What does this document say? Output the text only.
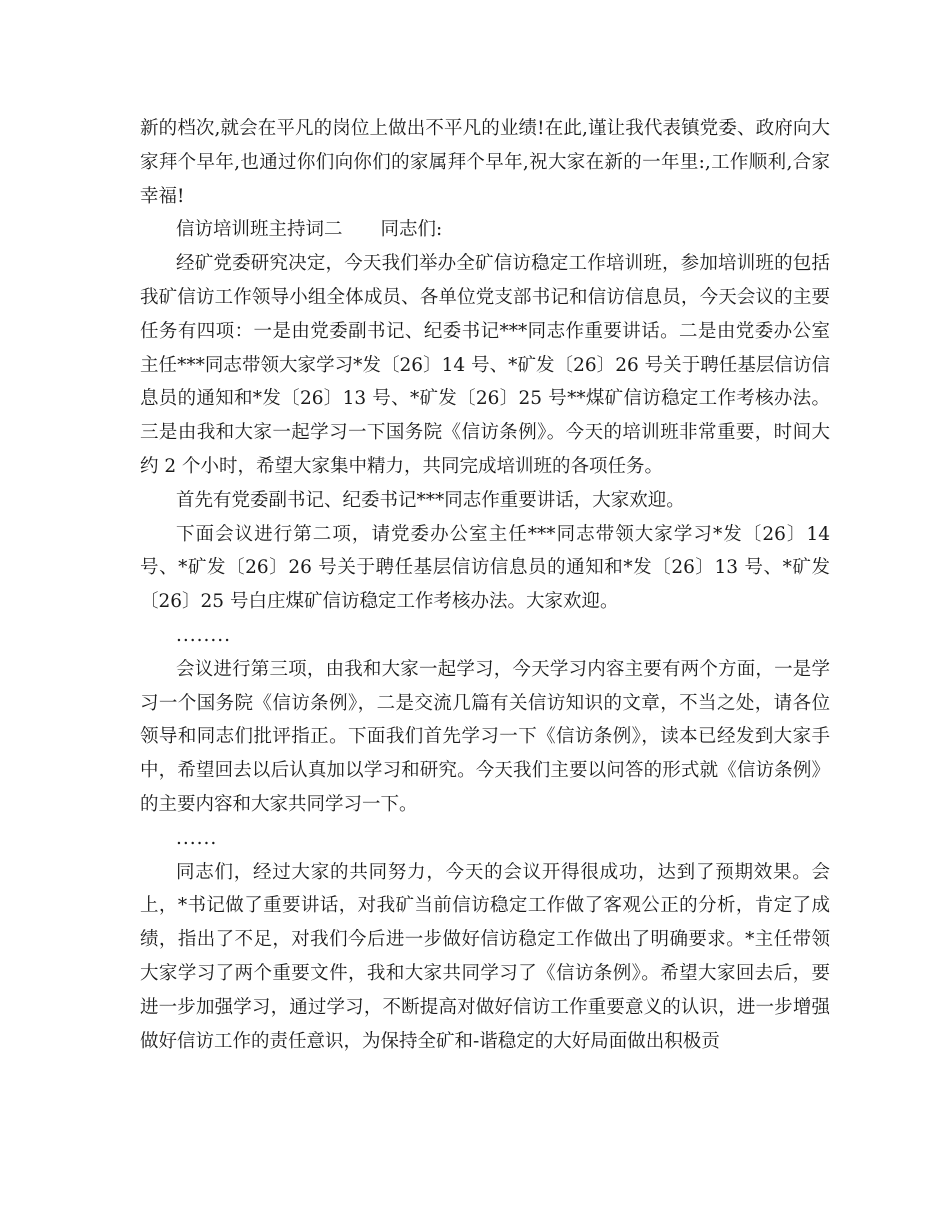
新的档次,就会在平凡的岗位上做出不平凡的业绩!在此,谨让我代表镇党委、政府向大家拜个早年,也通过你们向你们的家属拜个早年,祝大家在新的一年里:,工作顺利,合家幸福!

信访培训班主持词二 同志们:

经矿党委研究决定，今天我们举办全矿信访稳定工作培训班，参加培训班的包括我矿信访工作领导小组全体成员、各单位党支部书记和信访信息员，今天会议的主要任务有四项：一是由党委副书记、纪委书记***同志作重要讲话。二是由党委办公室主任***同志带领大家学习*发〔26〕14 号、*矿发〔26〕26 号关于聘任基层信访信息员的通知和*发〔26〕13 号、*矿发〔26〕25 号**煤矿信访稳定工作考核办法。三是由我和大家一起学习一下国务院《信访条例》。今天的培训班非常重要，时间大约 2 个小时，希望大家集中精力，共同完成培训班的各项任务。

首先有党委副书记、纪委书记***同志作重要讲话，大家欢迎。

下面会议进行第二项，请党委办公室主任***同志带领大家学习*发〔26〕14 号、*矿发〔26〕26 号关于聘任基层信访信息员的通知和*发〔26〕13 号、*矿发〔26〕25 号白庄煤矿信访稳定工作考核办法。大家欢迎。

........

会议进行第三项，由我和大家一起学习，今天学习内容主要有两个方面，一是学习一个国务院《信访条例》，二是交流几篇有关信访知识的文章，不当之处，请各位领导和同志们批评指正。下面我们首先学习一下《信访条例》，读本已经发到大家手中，希望回去以后认真加以学习和研究。今天我们主要以问答的形式就《信访条例》的主要内容和大家共同学习一下。

......

同志们，经过大家的共同努力，今天的会议开得很成功，达到了预期效果。会上，*书记做了重要讲话，对我矿当前信访稳定工作做了客观公正的分析，肯定了成绩，指出了不足，对我们今后进一步做好信访稳定工作做出了明确要求。*主任带领大家学习了两个重要文件，我和大家共同学习了《信访条例》。希望大家回去后，要进一步加强学习，通过学习，不断提高对做好信访工作重要意义的认识，进一步增强做好信访工作的责任意识，为保持全矿和-谐稳定的大好局面做出积极贡
